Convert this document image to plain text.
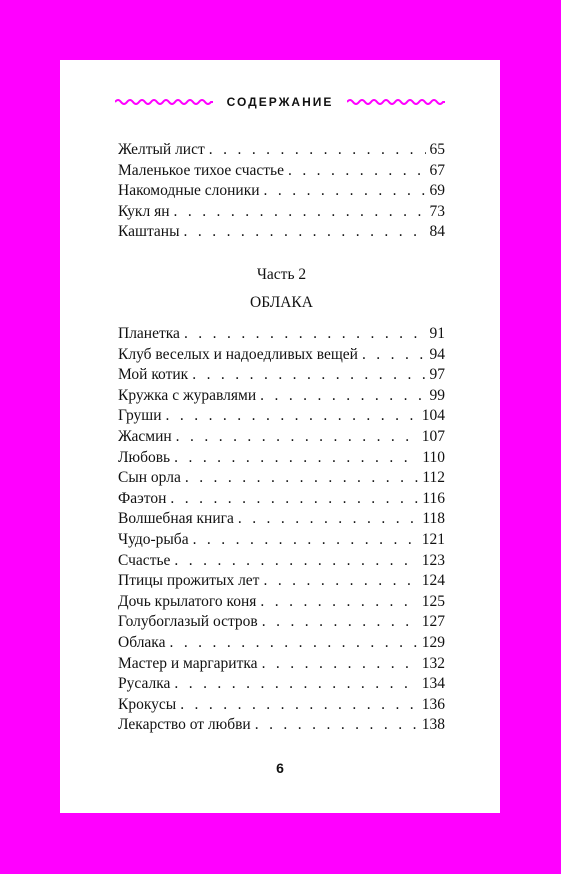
СОДЕРЖАНИЕ
Желтый лист . . .	65
Маленькое тихое счастье . . .	67
Накомодные слоники . . .	69
Кукл ян . . .	73
Каштаны . . .	84
Часть 2
ОБЛАКА
Планетка . . .	91
Клуб веселых и надоедливых вещей . . .	94
Мой котик . . .	97
Кружка с журавлями . . .	99
Груши . . .	104
Жасмин . . .	107
Любовь . . .	110
Сын орла . . .	112
Фаэтон . . .	116
Волшебная книга . . .	118
Чудо-рыба . . .	121
Счастье . . .	123
Птицы прожитых лет . . .	124
Дочь крылатого коня . . .	125
Голубоглазый остров . . .	127
Облака . . .	129
Мастер и маргаритка . . .	132
Русалка . . .	134
Крокусы . . .	136
Лекарство от любви . . .	138
6
